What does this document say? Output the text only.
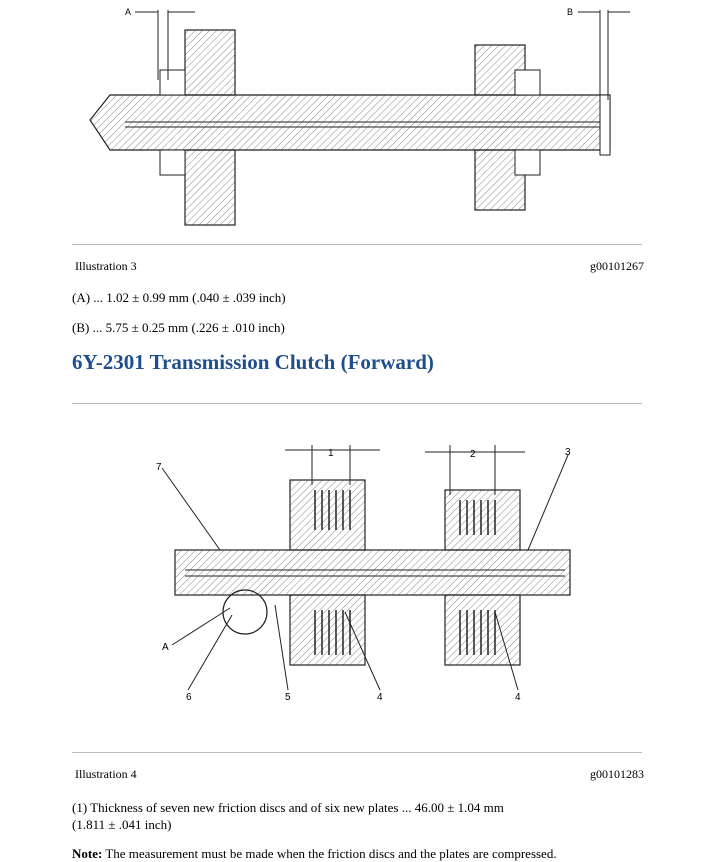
A	B
Illustration 3	g00101267
(A) ... 1.02 ± 0.99 mm (.040 ± .039 inch)
(B) ... 5.75 ± 0.25 mm (.226 ± .010 inch)
6Y-2301 Transmission Clutch (Forward)
1	2	3
7
A
6	5	4	4
Illustration 4	g00101283
(1) Thickness of seven new friction discs and of six new plates ... 46.00 ± 1.04 mm
(1.811 ± .041 inch)
Note: The measurement must be made when the friction discs and the plates are compressed.
